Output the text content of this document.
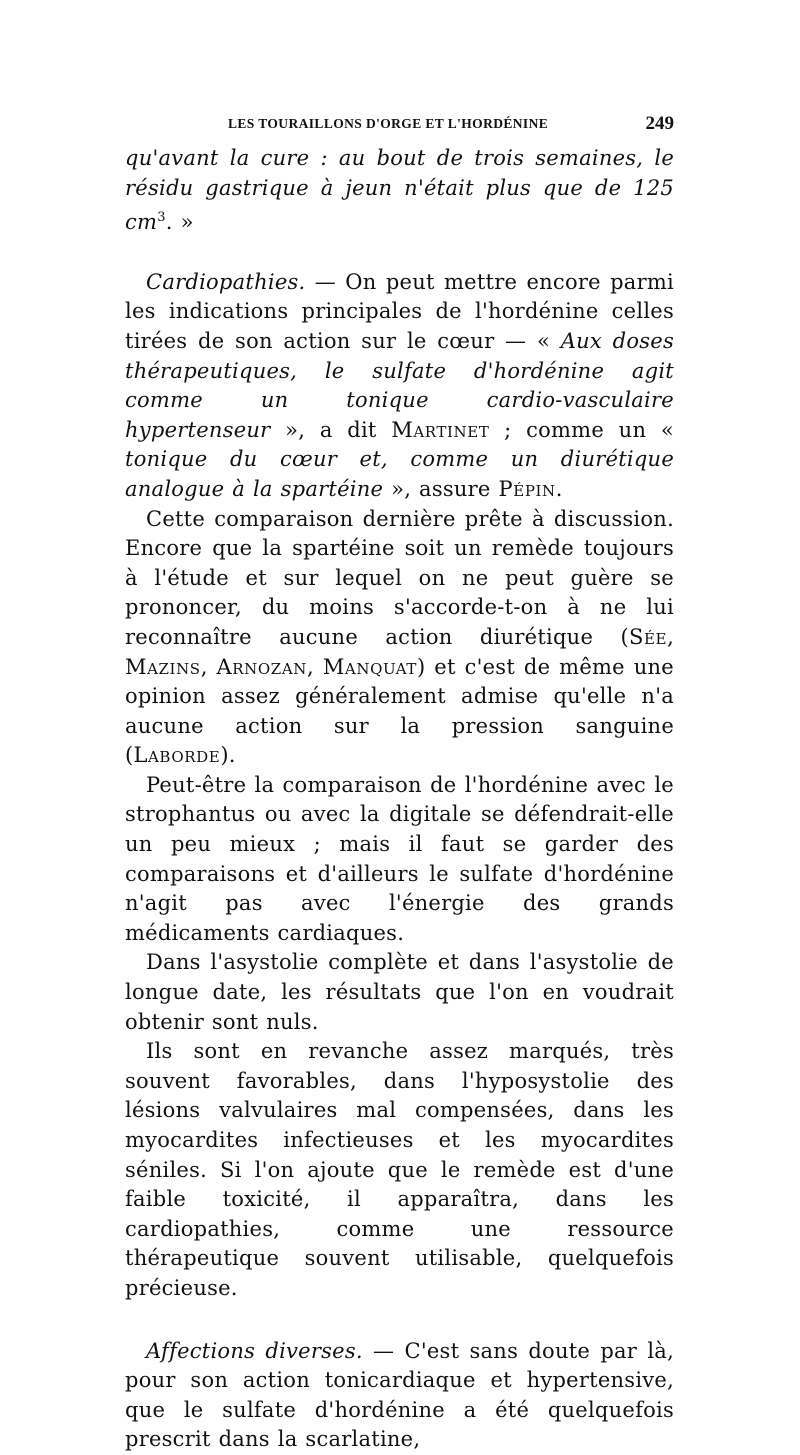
LES TOURAILLONS D'ORGE ET L'HORDÉNINE	249

qu'avant la cure : au bout de trois semaines, le résidu gastrique à jeun n'était plus que de 125 $cm^3$. »

Cardiopathies. — On peut mettre encore parmi les indications principales de l'hordénine celles tirées de son action sur le cœur — « Aux doses thérapeutiques, le sulfate d'hordénine agit comme un tonique cardio-vasculaire hypertenseur », a dit Martinet ; comme un « tonique du cœur et, comme un diurétique analogue à la spartéine », assure Pépin.

Cette comparaison dernière prête à discussion. Encore que la spartéine soit un remède toujours à l'étude et sur lequel on ne peut guère se prononcer, du moins s'accorde-t-on à ne lui reconnaître aucune action diurétique (Sée, Mazins, Arnozan, Manquat) et c'est de même une opinion assez généralement admise qu'elle n'a aucune action sur la pression sanguine (Laborde).

Peut-être la comparaison de l'hordénine avec le strophantus ou avec la digitale se défendrait-elle un peu mieux ; mais il faut se garder des comparaisons et d'ailleurs le sulfate d'hordénine n'agit pas avec l'énergie des grands médicaments cardiaques.

Dans l'asystolie complète et dans l'asystolie de longue date, les résultats que l'on en voudrait obtenir sont nuls.

Ils sont en revanche assez marqués, très souvent favorables, dans l'hyposystolie des lésions valvulaires mal compensées, dans les myocardites infectieuses et les myocardites séniles. Si l'on ajoute que le remède est d'une faible toxicité, il apparaîtra, dans les cardiopathies, comme une ressource thérapeutique souvent utilisable, quelquefois précieuse.

Affections diverses. — C'est sans doute par là, pour son action tonicardiaque et hypertensive, que le sulfate d'hordénine a été quelquefois prescrit dans la scarlatine,
